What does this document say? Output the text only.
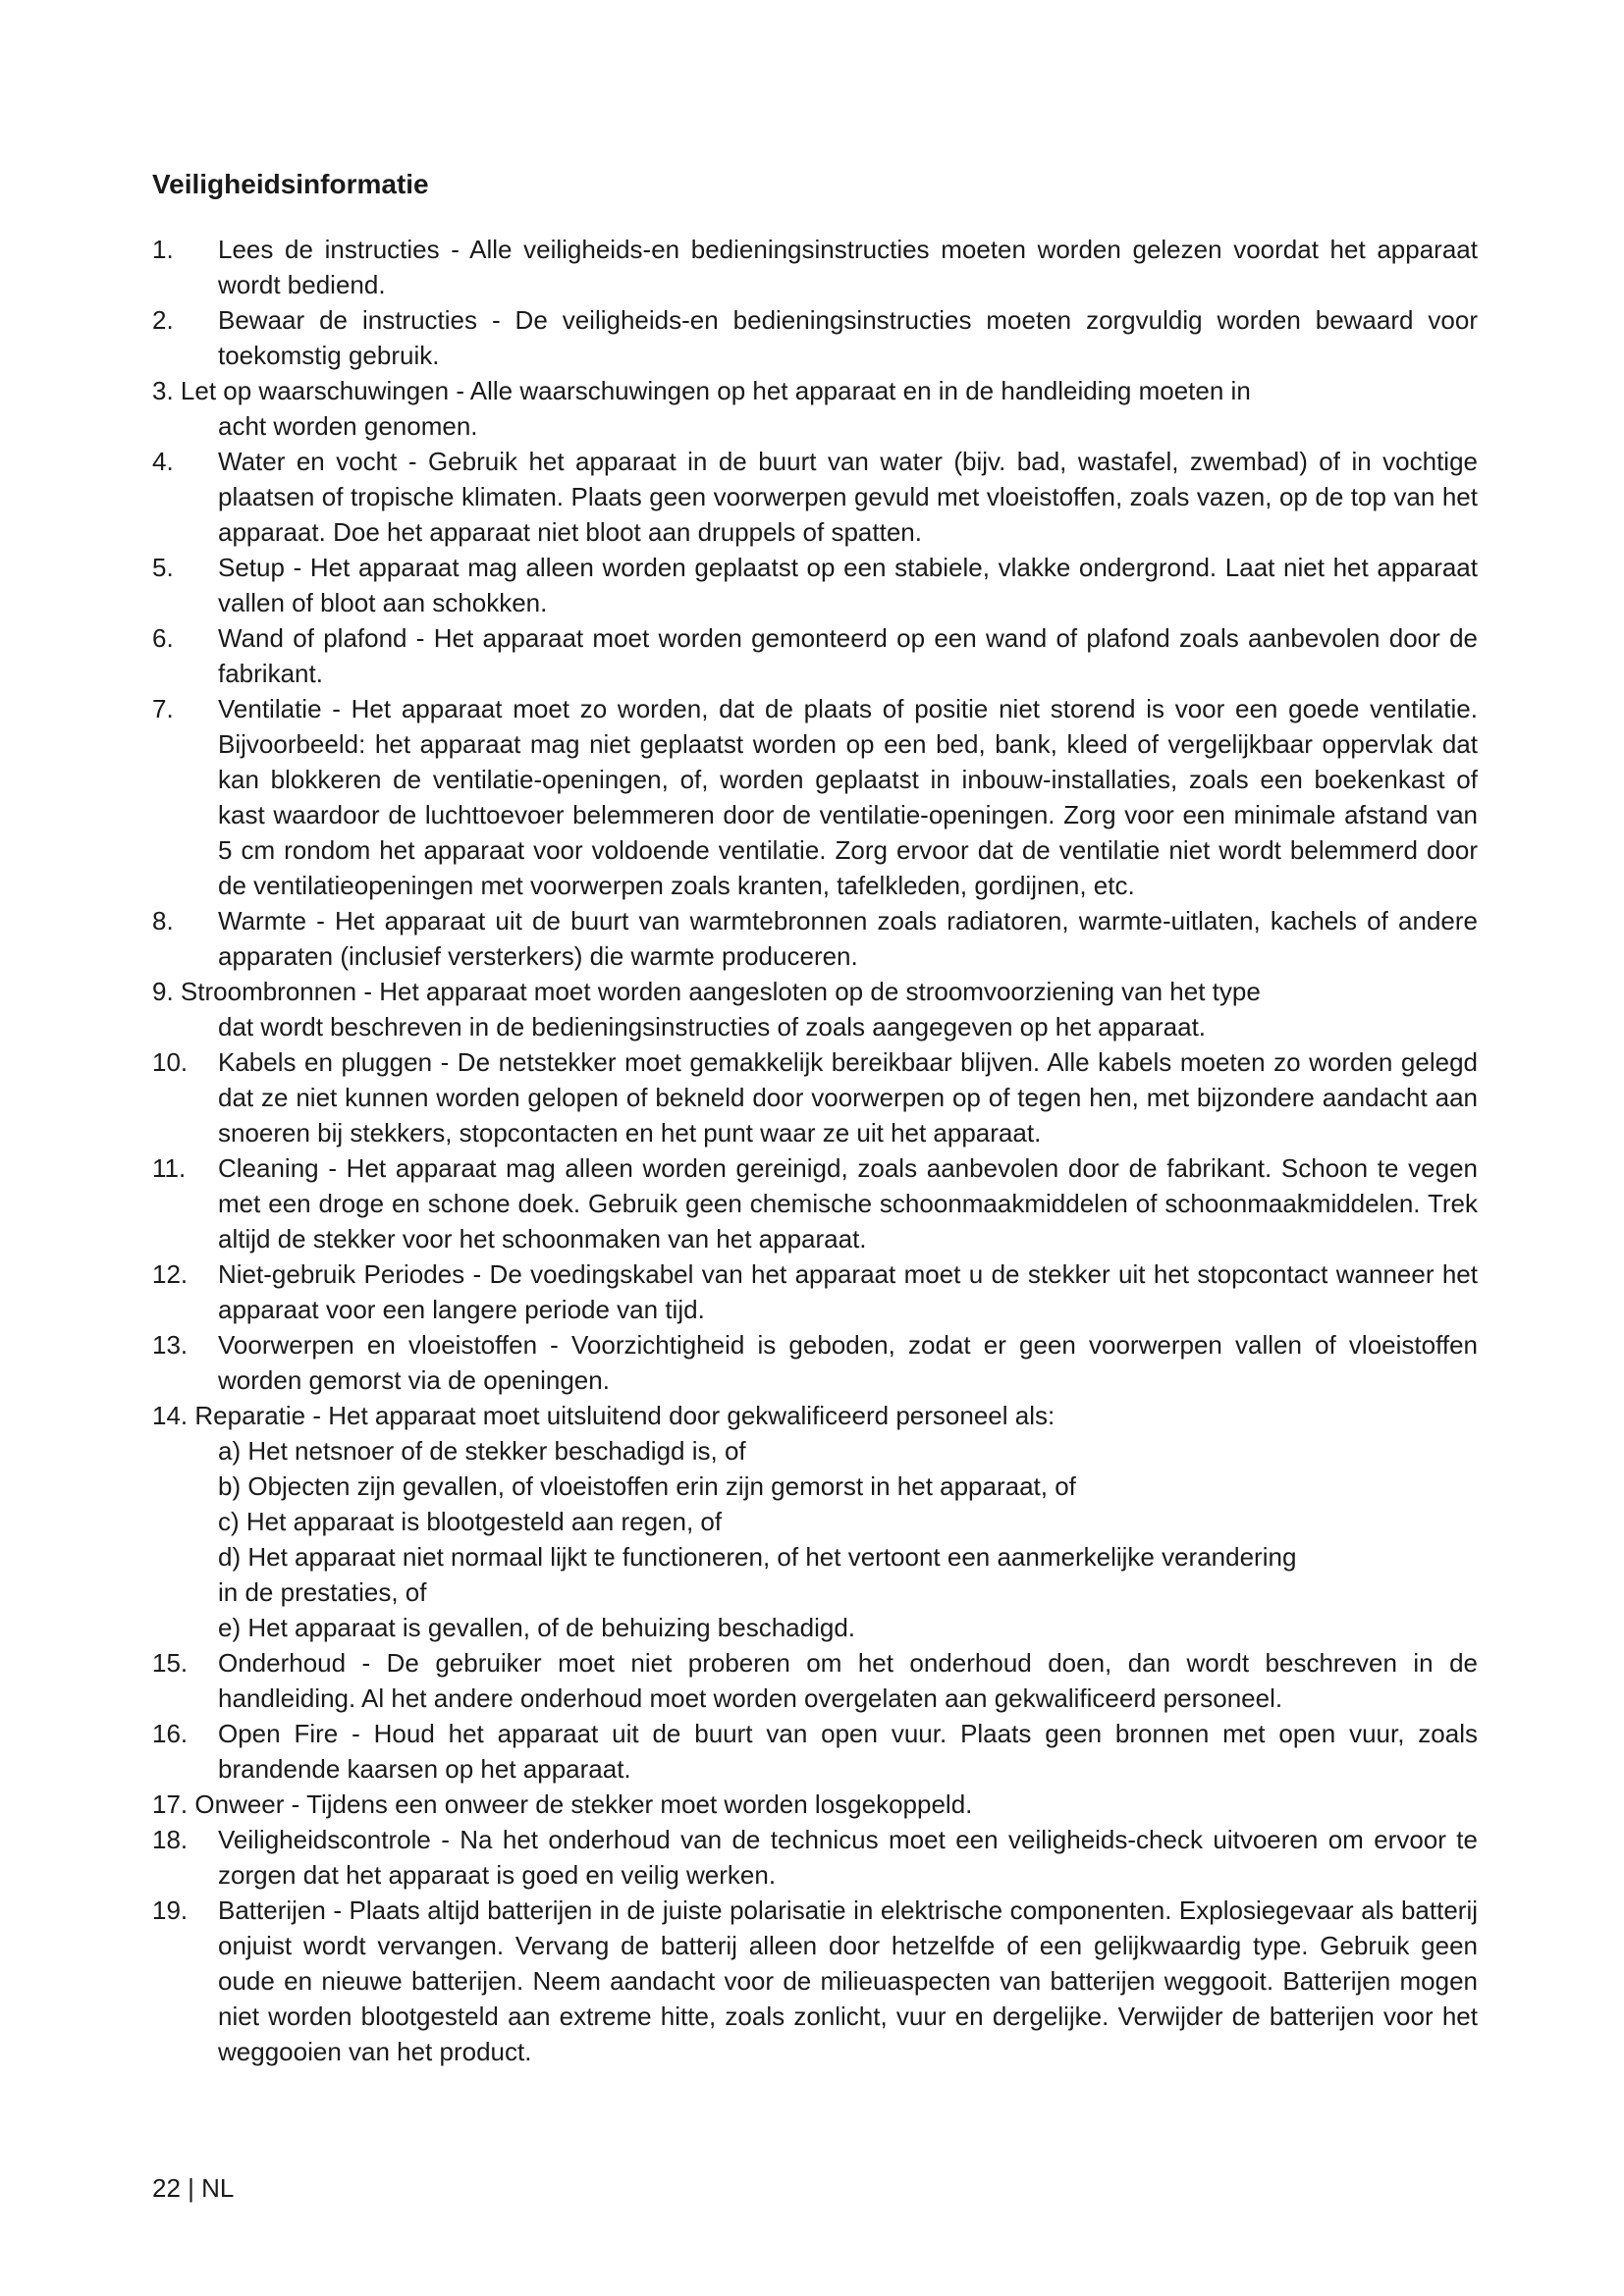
Veiligheidsinformatie
1. Lees de instructies - Alle veiligheids-en bedieningsinstructies moeten worden gelezen voordat het apparaat wordt bediend.
2. Bewaar de instructies - De veiligheids-en bedieningsinstructies moeten zorgvuldig worden bewaard voor toekomstig gebruik.
3. Let op waarschuwingen - Alle waarschuwingen op het apparaat en in de handleiding moeten in
acht worden genomen.
4. Water en vocht - Gebruik het apparaat in de buurt van water (bijv. bad, wastafel, zwembad) of in vochtige plaatsen of tropische klimaten. Plaats geen voorwerpen gevuld met vloeistoffen, zoals vazen, op de top van het apparaat. Doe het apparaat niet bloot aan druppels of spatten.
5. Setup - Het apparaat mag alleen worden geplaatst op een stabiele, vlakke ondergrond. Laat niet het apparaat vallen of bloot aan schokken.
6. Wand of plafond - Het apparaat moet worden gemonteerd op een wand of plafond zoals aanbevolen door de fabrikant.
7. Ventilatie - Het apparaat moet zo worden, dat de plaats of positie niet storend is voor een goede ventilatie. Bijvoorbeeld: het apparaat mag niet geplaatst worden op een bed, bank, kleed of vergelijkbaar oppervlak dat kan blokkeren de ventilatie-openingen, of, worden geplaatst in inbouw-installaties, zoals een boekenkast of kast waardoor de luchttoevoer belemmeren door de ventilatie-openingen. Zorg voor een minimale afstand van 5 cm rondom het apparaat voor voldoende ventilatie. Zorg ervoor dat de ventilatie niet wordt belemmerd door de ventilatieopeningen met voorwerpen zoals kranten, tafelkleden, gordijnen, etc.
8. Warmte - Het apparaat uit de buurt van warmtebronnen zoals radiatoren, warmte-uitlaten, kachels of andere apparaten (inclusief versterkers) die warmte produceren.
9. Stroombronnen - Het apparaat moet worden aangesloten op de stroomvoorziening van het type
dat wordt beschreven in de bedieningsinstructies of zoals aangegeven op het apparaat.
10. Kabels en pluggen - De netstekker moet gemakkelijk bereikbaar blijven. Alle kabels moeten zo worden gelegd dat ze niet kunnen worden gelopen of bekneld door voorwerpen op of tegen hen, met bijzondere aandacht aan snoeren bij stekkers, stopcontacten en het punt waar ze uit het apparaat.
11. Cleaning - Het apparaat mag alleen worden gereinigd, zoals aanbevolen door de fabrikant. Schoon te vegen met een droge en schone doek. Gebruik geen chemische schoonmaakmiddelen of schoonmaakmiddelen. Trek altijd de stekker voor het schoonmaken van het apparaat.
12. Niet-gebruik Periodes - De voedingskabel van het apparaat moet u de stekker uit het stopcontact wanneer het apparaat voor een langere periode van tijd.
13. Voorwerpen en vloeistoffen - Voorzichtigheid is geboden, zodat er geen voorwerpen vallen of vloeistoffen worden gemorst via de openingen.
14. Reparatie - Het apparaat moet uitsluitend door gekwalificeerd personeel als:
a) Het netsnoer of de stekker beschadigd is, of
b) Objecten zijn gevallen, of vloeistoffen erin zijn gemorst in het apparaat, of
c) Het apparaat is blootgesteld aan regen, of
d) Het apparaat niet normaal lijkt te functioneren, of het vertoont een aanmerkelijke verandering
in de prestaties, of
e) Het apparaat is gevallen, of de behuizing beschadigd.
15. Onderhoud - De gebruiker moet niet proberen om het onderhoud doen, dan wordt beschreven in de handleiding. Al het andere onderhoud moet worden overgelaten aan gekwalificeerd personeel.
16. Open Fire - Houd het apparaat uit de buurt van open vuur. Plaats geen bronnen met open vuur, zoals brandende kaarsen op het apparaat.
17. Onweer - Tijdens een onweer de stekker moet worden losgekoppeld.
18. Veiligheidscontrole - Na het onderhoud van de technicus moet een veiligheids-check uitvoeren om ervoor te zorgen dat het apparaat is goed en veilig werken.
19. Batterijen - Plaats altijd batterijen in de juiste polarisatie in elektrische componenten. Explosiegevaar als batterij onjuist wordt vervangen. Vervang de batterij alleen door hetzelfde of een gelijkwaardig type. Gebruik geen oude en nieuwe batterijen. Neem aandacht voor de milieuaspecten van batterijen weggooit. Batterijen mogen niet worden blootgesteld aan extreme hitte, zoals zonlicht, vuur en dergelijke. Verwijder de batterijen voor het weggooien van het product.
22 | NL
